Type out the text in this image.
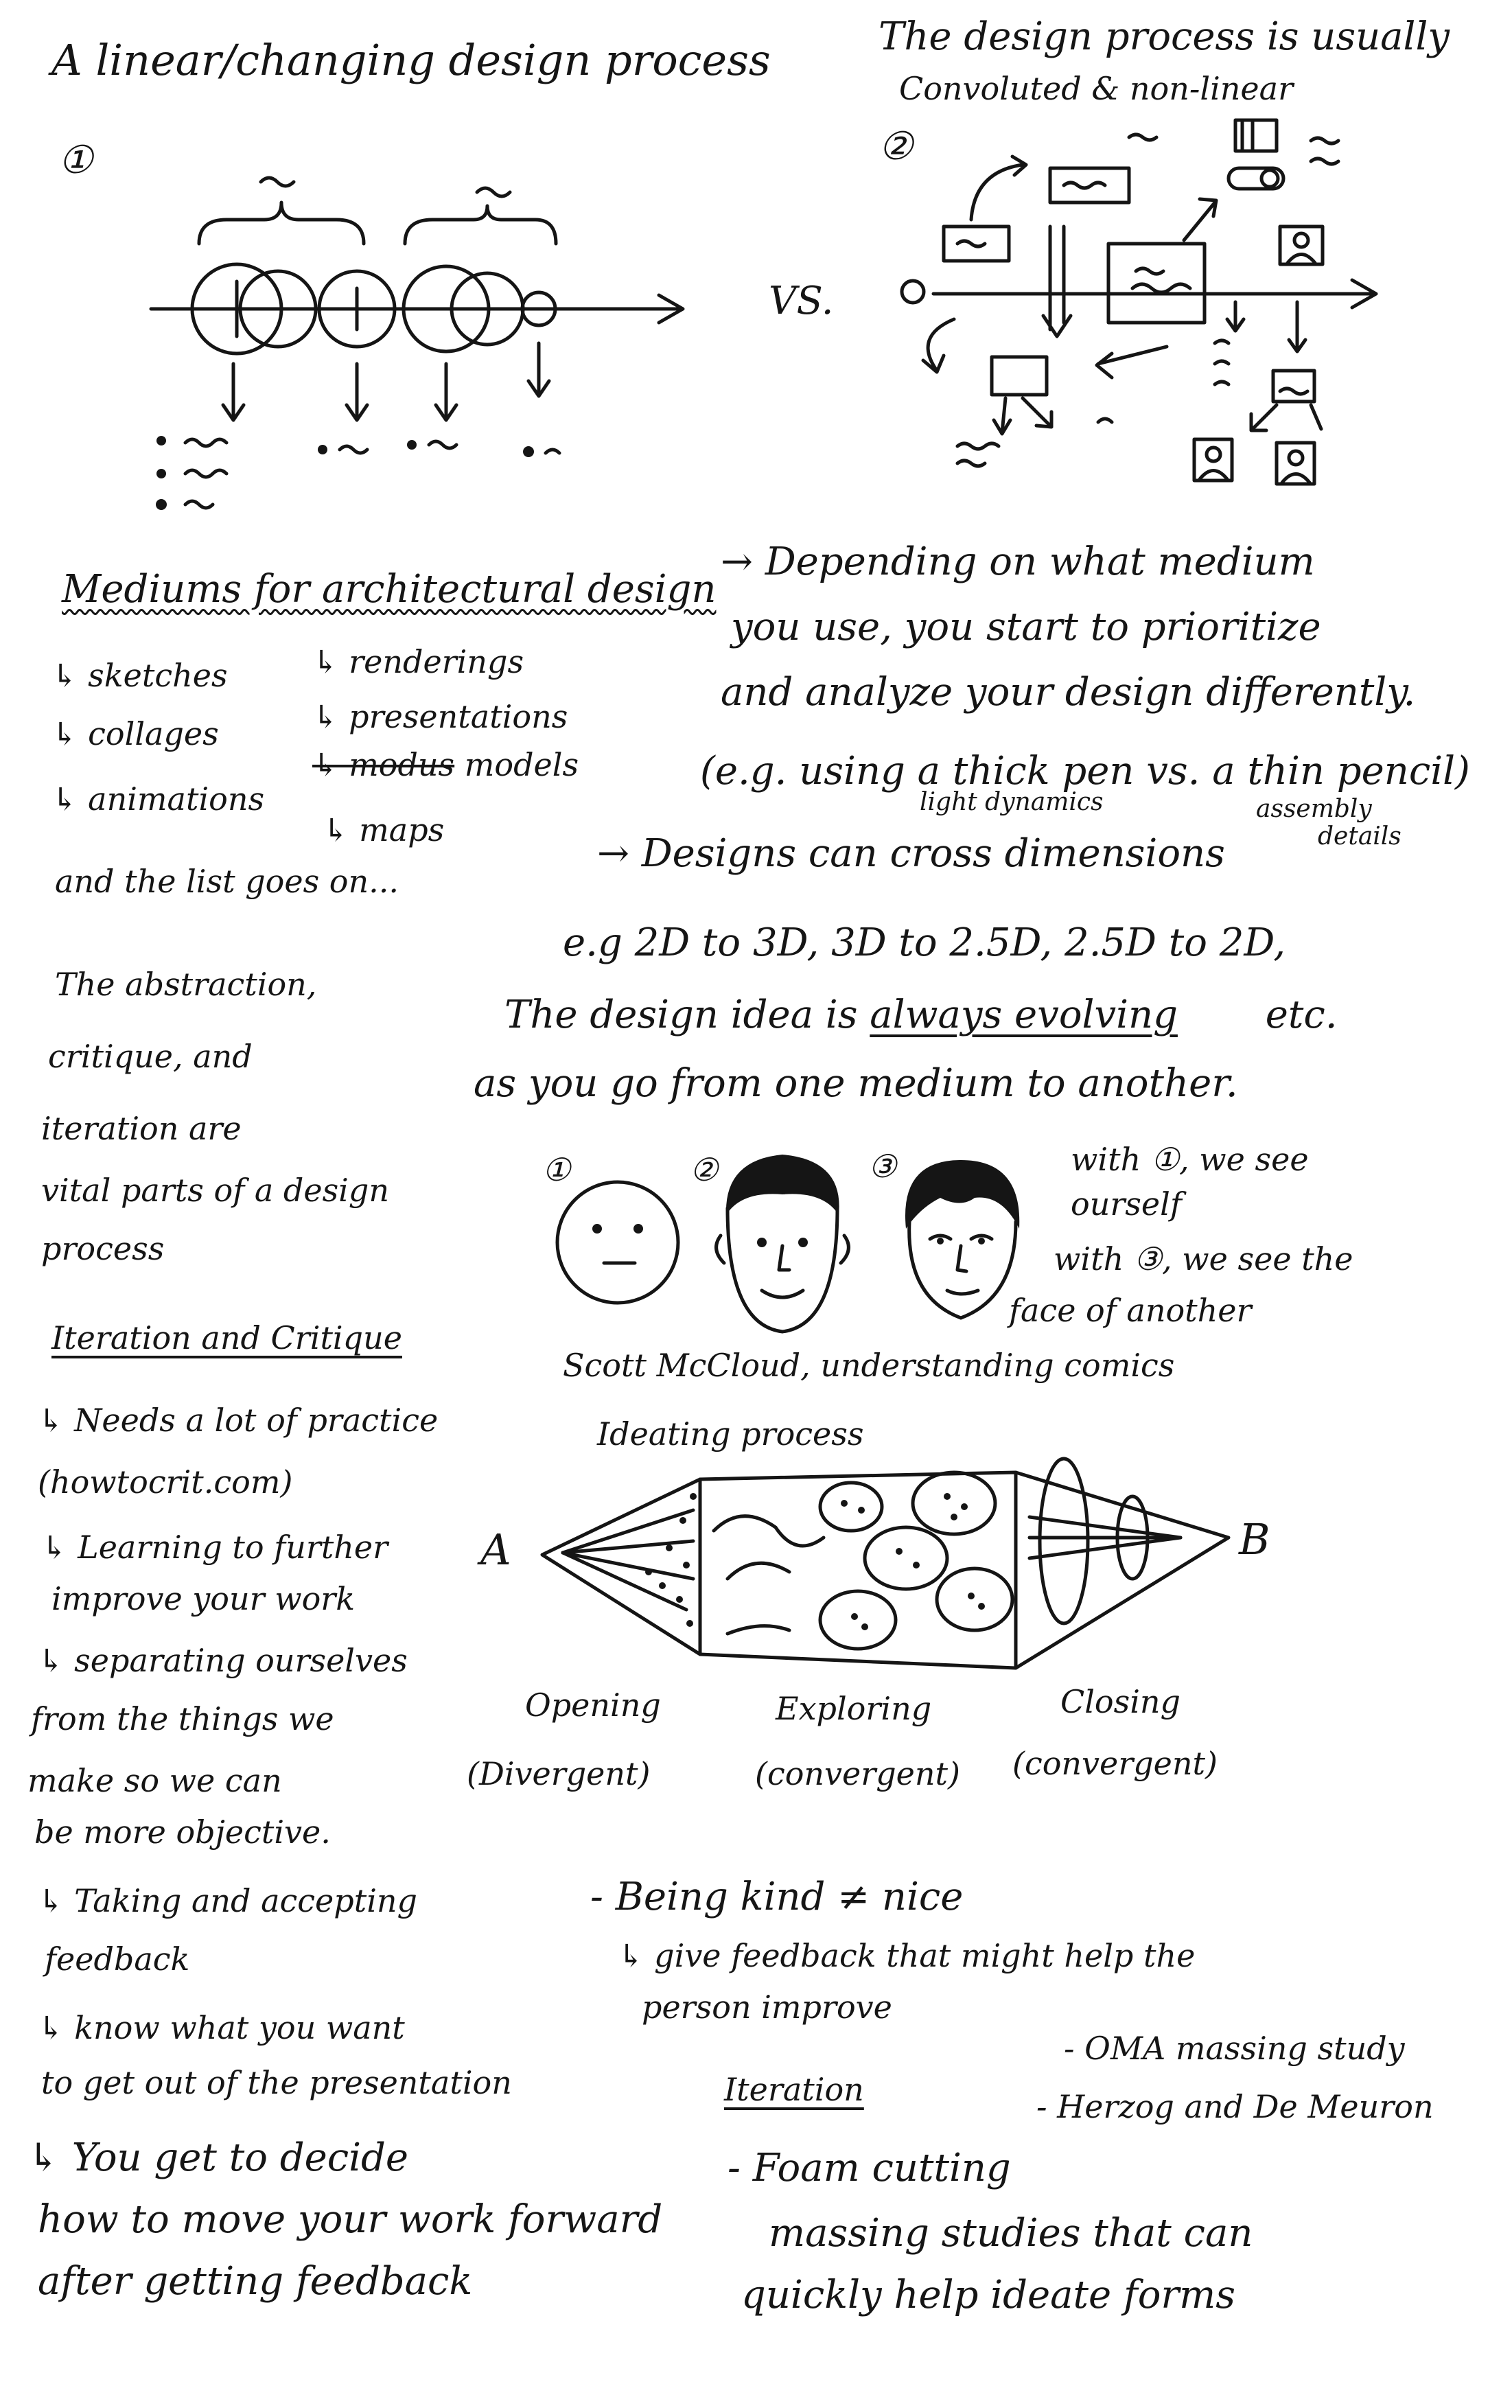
A linear/changing design process
①
The design process is usually
Convoluted & non-linear
②
VS.
Mediums for architectural design
↳ sketches
↳ collages
↳ animations
↳ renderings
↳ presentations
↳ modus models
↳ maps
and the list goes on...
→ Depending on what medium
you use, you start to prioritize
and analyze your design differently.
(e.g. using a thick pen vs. a thin pencil)
light dynamics	assembly
details
→ Designs can cross dimensions
e.g 2D to 3D, 3D to 2.5D, 2.5D to 2D,
The design idea is always evolving etc.
as you go from one medium to another.
The abstraction,
critique, and
iteration are
vital parts of a design
process
①	②	③	with ①, we see
ourself
with ③, we see the
face of another
Scott McCloud, understanding comics
Iteration and Critique
↳ Needs a lot of practice
(howtocrit.com)
↳ Learning to further
improve your work
↳ separating ourselves
from the things we
make so we can
be more objective.
↳ Taking and accepting
feedback
↳ know what you want
to get out of the presentation
↳ You get to decide
how to move your work forward
after getting feedback
Ideating process
A	B
Opening
(Divergent)
Exploring
(convergent)
Closing
(convergent)
- Being kind ≠ nice
↳ give feedback that might help the
person improve
Iteration
- OMA massing study
- Herzog and De Meuron
- Foam cutting
massing studies that can
quickly help ideate forms
